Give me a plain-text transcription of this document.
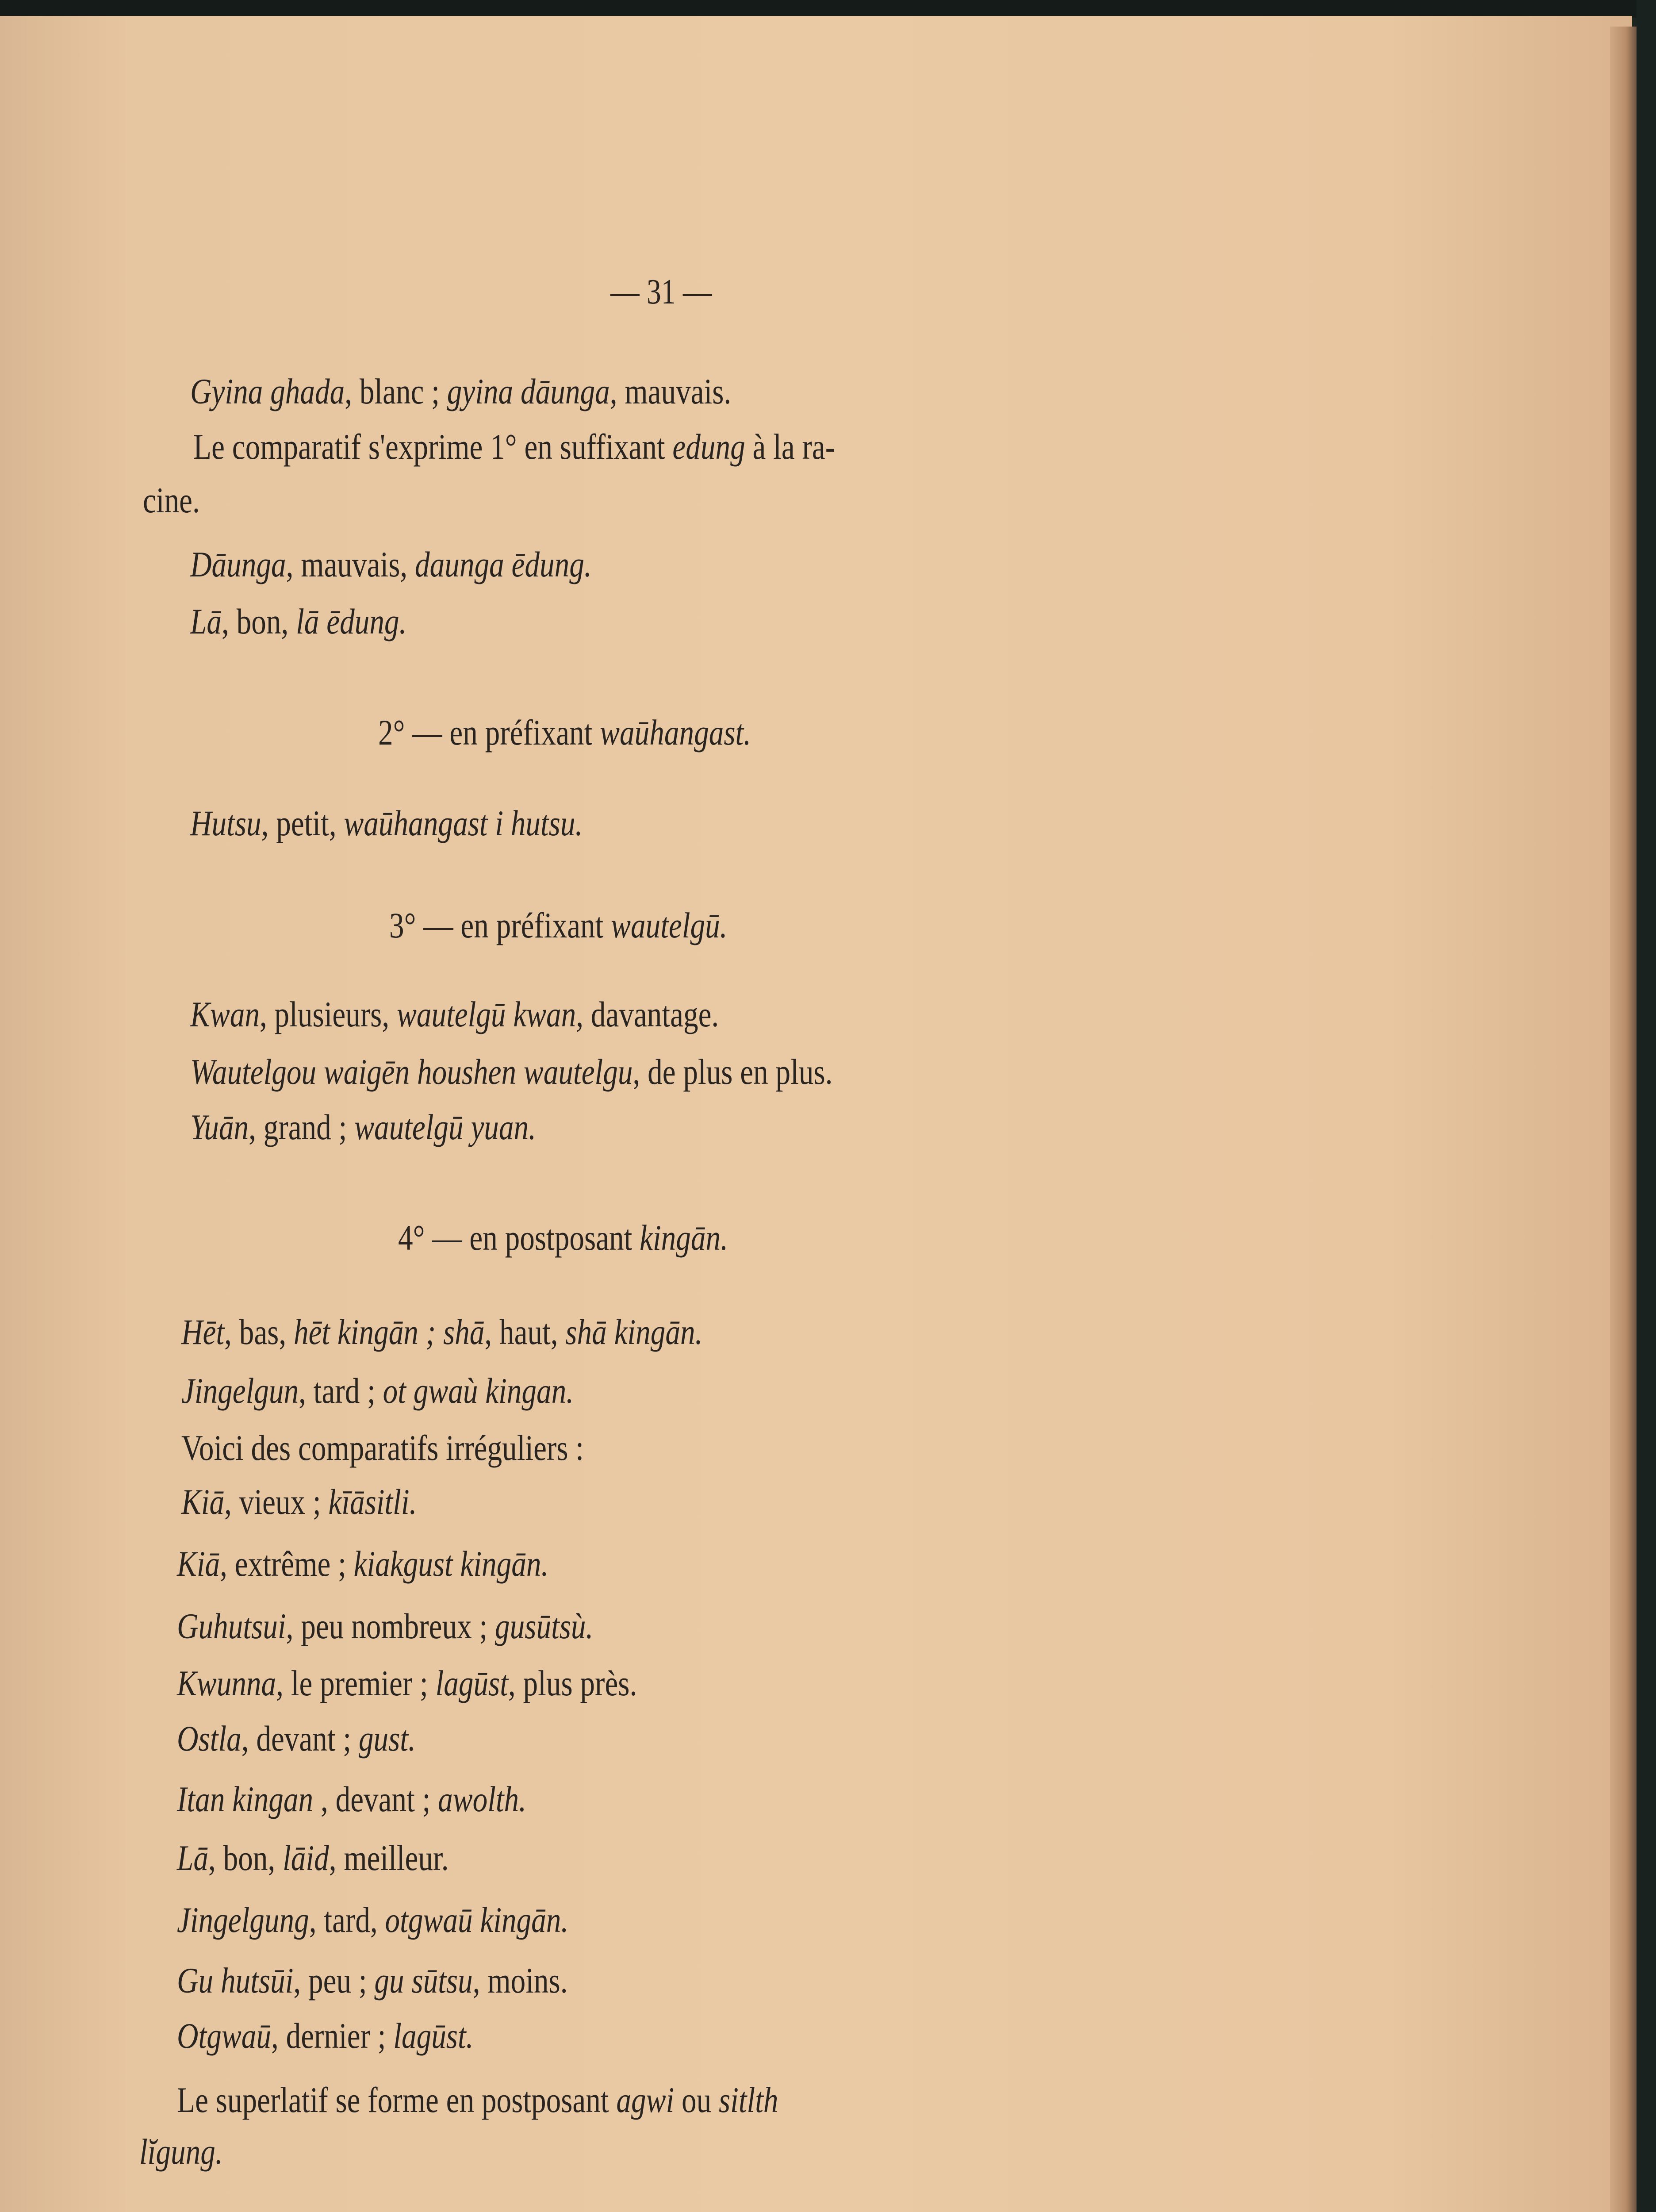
— 31 —
Gyina ghada, blanc ; gyina dāunga, mauvais.
Le comparatif s'exprime 1° en suffixant edung à la ra-
cine.
Dāunga, mauvais, daunga ēdung.
Lā, bon, lā ēdung.
2° — en préfixant waūhangast.
Hutsu, petit, waūhangast i hutsu.
3° — en préfixant wautelgū.
Kwan, plusieurs, wautelgū kwan, davantage.
Wautelgou waigēn houshen wautelgu, de plus en plus.
Yuān, grand ; wautelgū yuan.
4° — en postposant kingān.
Hēt, bas, hēt kingān ; shā, haut, shā kingān.
Jingelgun, tard ; ot gwaù kingan.
Voici des comparatifs irréguliers :
Kiā, vieux ; kīāsitli.
Kiā, extrême ; kiakgust kingān.
Guhutsui, peu nombreux ; gusūtsù.
Kwunna, le premier ; lagūst, plus près.
Ostla, devant ; gust.
Itan kingan , devant ; awolth.
Lā, bon, lāid, meilleur.
Jingelgung, tard, otgwaū kingān.
Gu hutsūi, peu ; gu sūtsu, moins.
Otgwaū, dernier ; lagūst.
Le superlatif se forme en postposant agwi ou sitlth
lĭgung.
